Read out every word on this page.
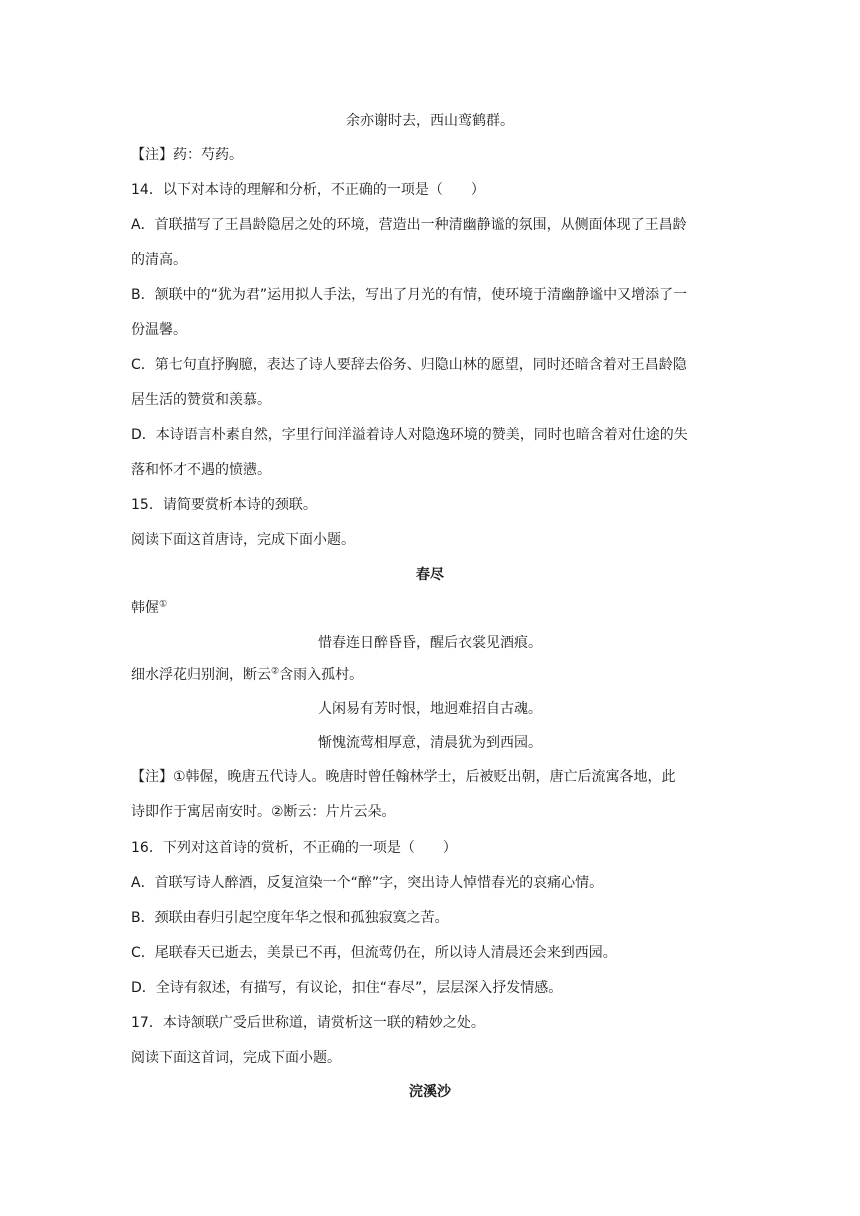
余亦谢时去，西山鸾鹤群。
【注】药：芍药。
14．以下对本诗的理解和分析，不正确的一项是（　　）
A．首联描写了王昌龄隐居之处的环境，营造出一种清幽静谧的氛围，从侧面体现了王昌龄
的清高。
B．颔联中的“犹为君”运用拟人手法，写出了月光的有情，使环境于清幽静谧中又增添了一
份温馨。
C．第七句直抒胸臆，表达了诗人要辞去俗务、归隐山林的愿望，同时还暗含着对王昌龄隐
居生活的赞赏和羡慕。
D．本诗语言朴素自然，字里行间洋溢着诗人对隐逸环境的赞美，同时也暗含着对仕途的失
落和怀才不遇的愤懑。
15．请简要赏析本诗的颈联。
阅读下面这首唐诗，完成下面小题。
春尽
韩偓①
惜春连日醉昏昏，醒后衣裳见酒痕。
细水浮花归别涧，断云②含雨入孤村。
人闲易有芳时恨，地迥难招自古魂。
惭愧流莺相厚意，清晨犹为到西园。
【注】①韩偓，晚唐五代诗人。晚唐时曾任翰林学士，后被贬出朝，唐亡后流寓各地，此
诗即作于寓居南安时。②断云：片片云朵。
16．下列对这首诗的赏析，不正确的一项是（　　）
A．首联写诗人醉酒，反复渲染一个“醉”字，突出诗人悼惜春光的哀痛心情。
B．颈联由春归引起空度年华之恨和孤独寂寞之苦。
C．尾联春天已逝去，美景已不再，但流莺仍在，所以诗人清晨还会来到西园。
D．全诗有叙述，有描写，有议论，扣住“春尽”，层层深入抒发情感。
17．本诗颔联广受后世称道，请赏析这一联的精妙之处。
阅读下面这首词，完成下面小题。
浣溪沙
